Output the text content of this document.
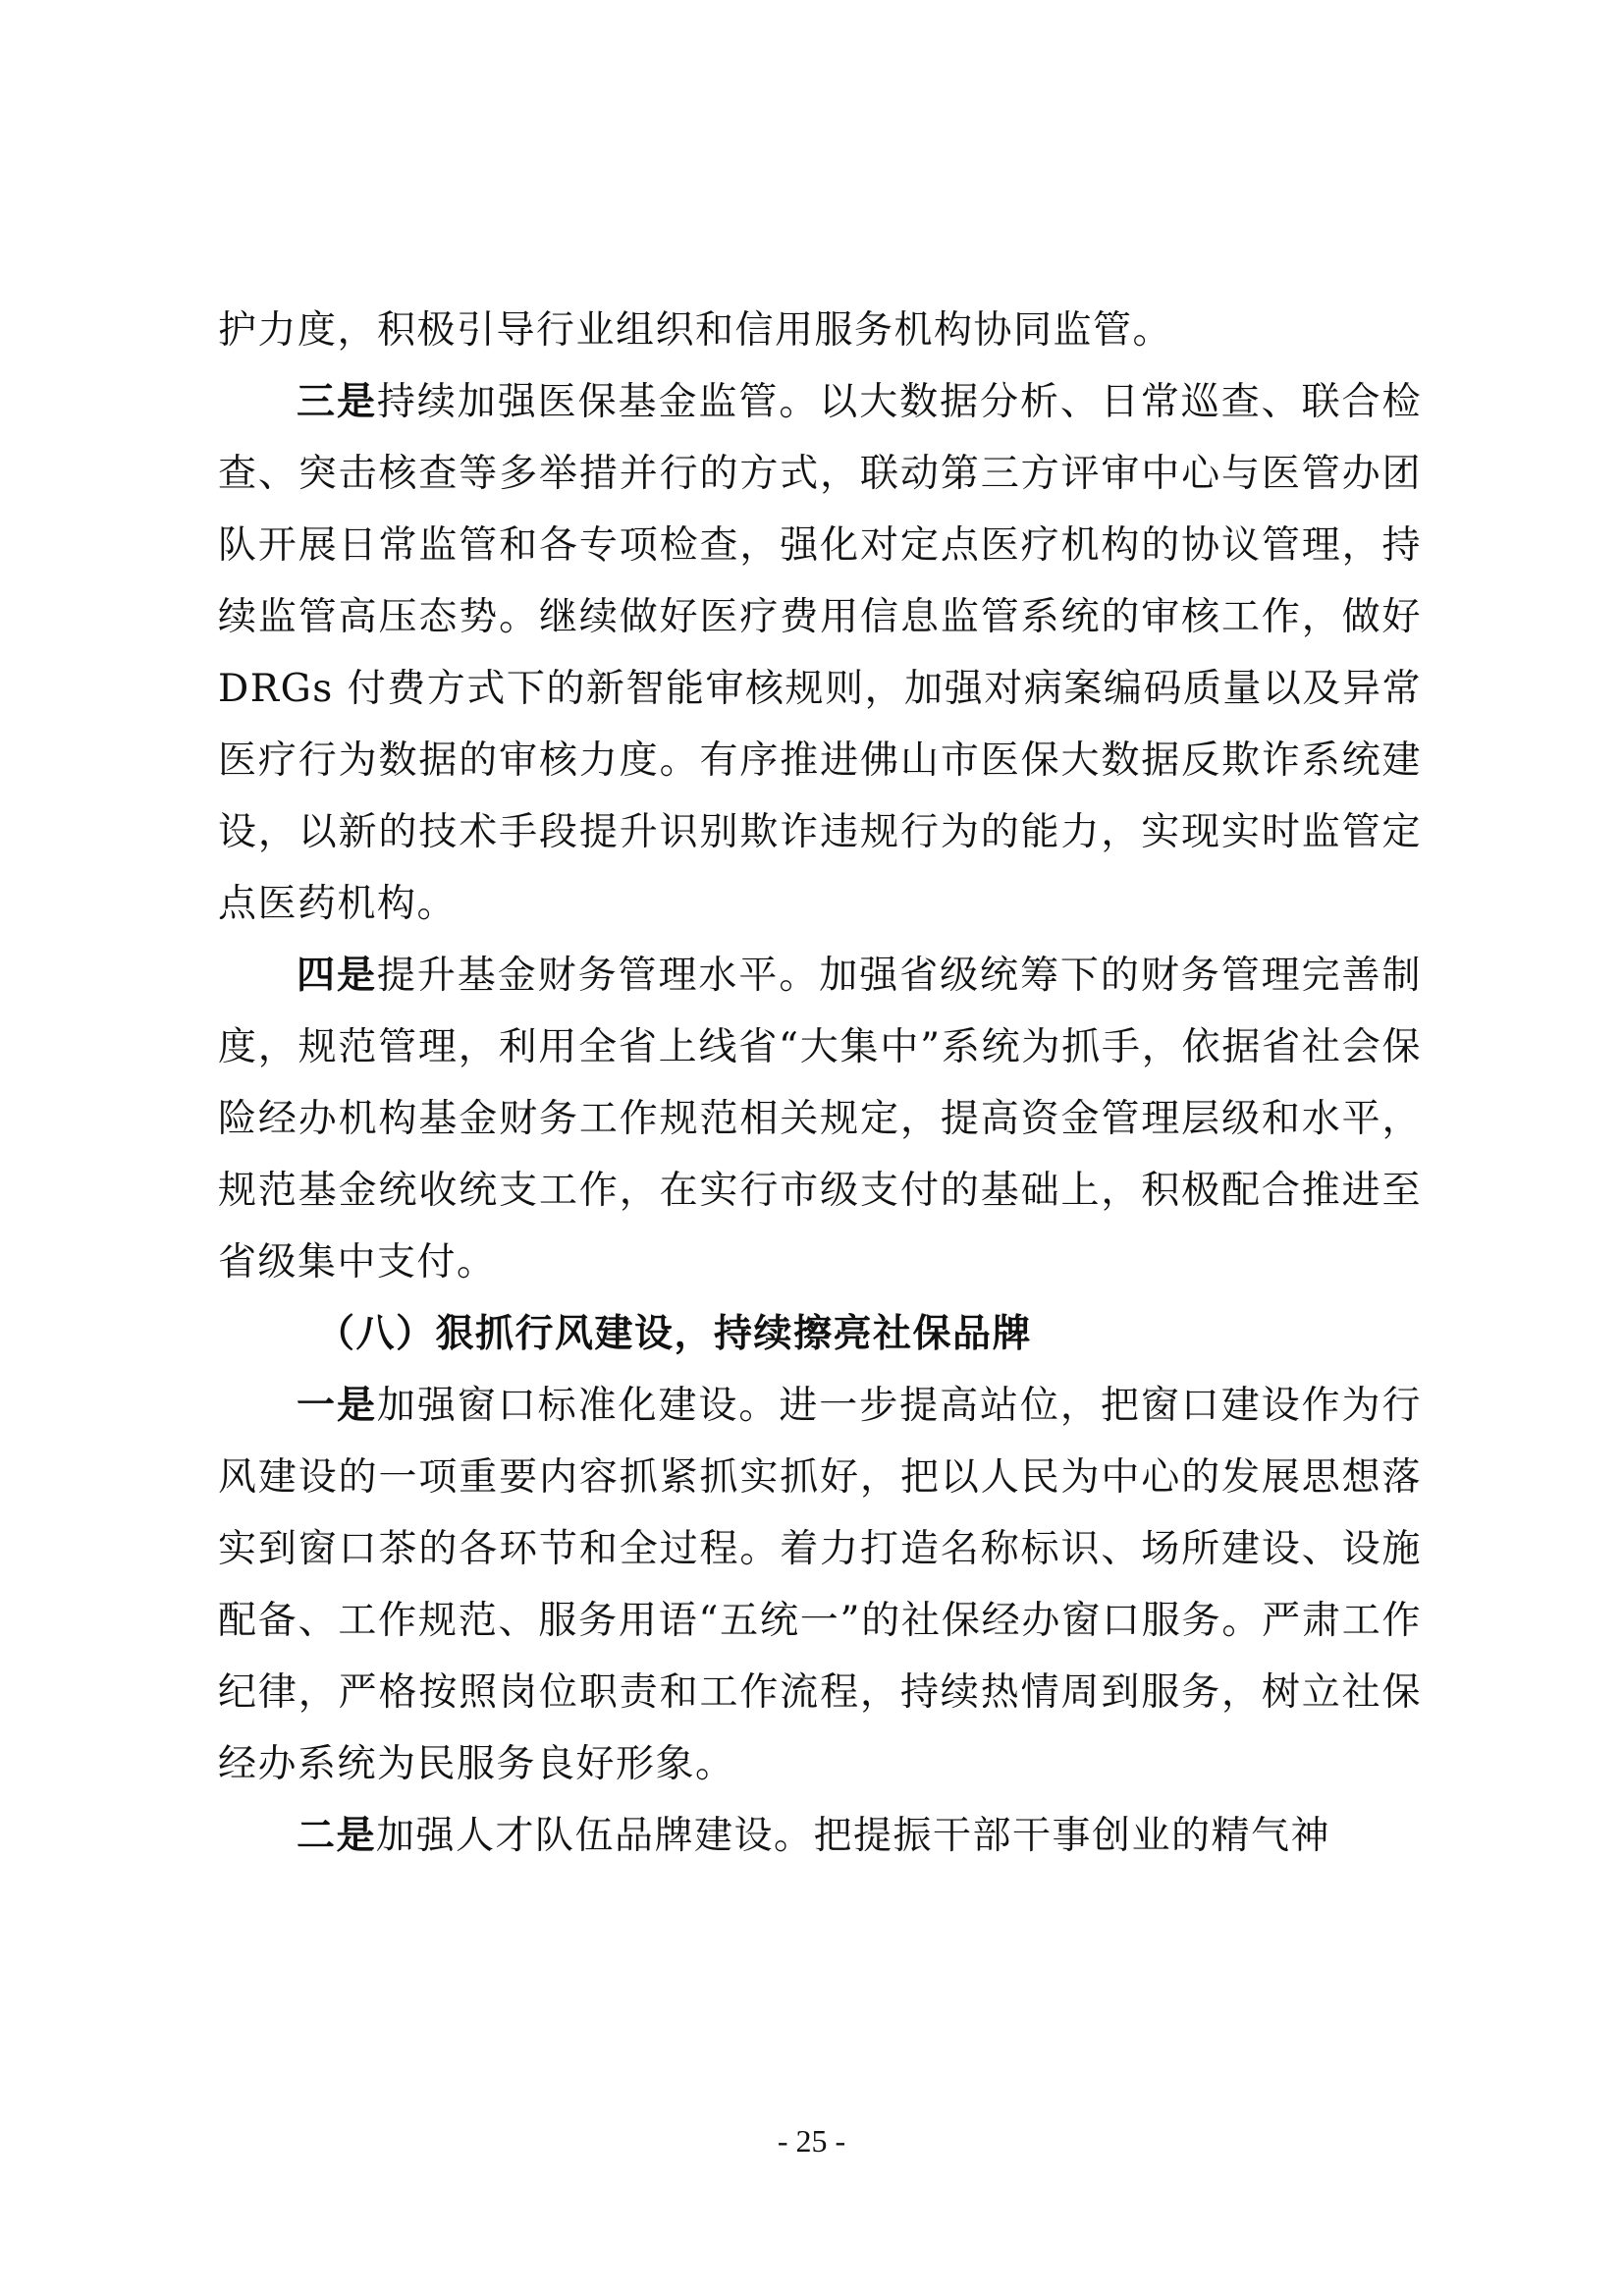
护力度，积极引导行业组织和信用服务机构协同监管。

三是持续加强医保基金监管。以大数据分析、日常巡查、联合检查、突击核查等多举措并行的方式，联动第三方评审中心与医管办团队开展日常监管和各专项检查，强化对定点医疗机构的协议管理，持续监管高压态势。继续做好医疗费用信息监管系统的审核工作，做好 DRGs 付费方式下的新智能审核规则，加强对病案编码质量以及异常医疗行为数据的审核力度。有序推进佛山市医保大数据反欺诈系统建设，以新的技术手段提升识别欺诈违规行为的能力，实现实时监管定点医药机构。

四是提升基金财务管理水平。加强省级统筹下的财务管理完善制度，规范管理，利用全省上线省“大集中”系统为抓手，依据省社会保险经办机构基金财务工作规范相关规定，提高资金管理层级和水平，规范基金统收统支工作，在实行市级支付的基础上，积极配合推进至省级集中支付。

（八）狠抓行风建设，持续擦亮社保品牌

一是加强窗口标准化建设。进一步提高站位，把窗口建设作为行风建设的一项重要内容抓紧抓实抓好，把以人民为中心的发展思想落实到窗口茶的各环节和全过程。着力打造名称标识、场所建设、设施配备、工作规范、服务用语“五统一”的社保经办窗口服务。严肃工作纪律，严格按照岗位职责和工作流程，持续热情周到服务，树立社保经办系统为民服务良好形象。

二是加强人才队伍品牌建设。把提振干部干事创业的精气神

- 25 -
